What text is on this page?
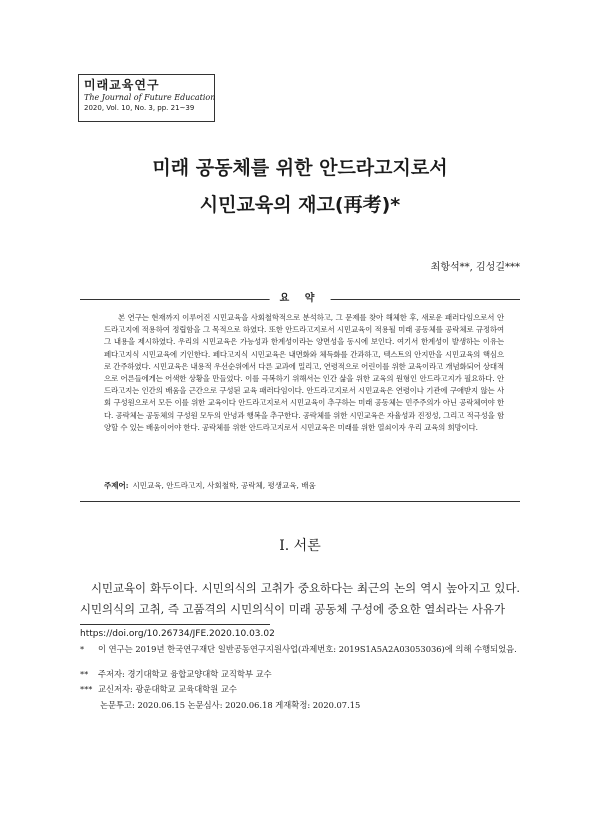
미래교육연구
The Journal of Future Education
2020, Vol. 10, No. 3, pp. 21~39
미래 공동체를 위한 안드라고지로서
시민교육의 재고(再考)*
최항석**, 김성길***
요 약
본 연구는 현재까지 이루어진 시민교육을 사회철학적으로 분석하고, 그 문제를 찾아 해체한 후, 새로운 패러다임으로서 안드라고지에 적용하여 정립함을 그 목적으로 하였다. 또한 안드라고지로서 시민교육이 적용될 미래 공동체를 공락체로 규정하여 그 내용을 제시하였다. 우리의 시민교육은 가능성과 한계성이라는 양면성을 동시에 보인다. 여기서 한계성이 발생하는 이유는 페다고지식 시민교육에 기인한다. 페다고지식 시민교육은 내면화와 체득화를 간과하고, 텍스트의 안지만을 시민교육의 핵심으로 간주하였다. 시민교육은 내용적 우선순위에서 다른 교과에 밀리고, 연령적으로 어린이를 위한 교육이라고 개념화되어 상대적으로 어른들에게는 어색한 상황을 만들었다. 이를 극복하기 위해서는 인간 삶을 위한 교육의 원형인 안드라고지가 필요하다. 안드라고지는 인간의 배움을 근간으로 구성된 교육 패러다임이다. 안드라고지로서 시민교육은 연령이나 기관에 구애받지 않는 사회 구성원으로서 모든 이를 위한 교육이다 안드라고지로서 시민교육이 추구하는 미래 공동체는 민주주의가 아닌 공락체여야 한다. 공락체는 공동체의 구성원 모두의 안녕과 행복을 추구한다. 공락체를 위한 시민교육은 자율성과 진정성, 그리고 적극성을 함양할 수 있는 배움이어야 한다. 공락체를 위한 안드라고지로서 시민교육은 미래를 위한 열쇠이자 우리 교육의 희망이다.
주제어: 시민교육, 안드라고지, 사회철학, 공락체, 평생교육, 배움
Ⅰ. 서론
시민교육이 화두이다. 시민의식의 고취가 중요하다는 최근의 논의 역시 높아지고 있다. 시민의식의 고취, 즉 고품격의 시민의식이 미래 공동체 구성에 중요한 열쇠라는 사유가
https://doi.org/10.26734/JFE.2020.10.03.02
* 이 연구는 2019년 한국연구재단 일반공동연구지원사업(과제번호: 2019S1A5A2A03053036)에 의해 수행되었음.
** 주저자: 경기대학교 융합교양대학 교직학부 교수
*** 교신저자: 광운대학교 교육대학원 교수
논문투고: 2020.06.15 논문심사: 2020.06.18 게재확정: 2020.07.15
